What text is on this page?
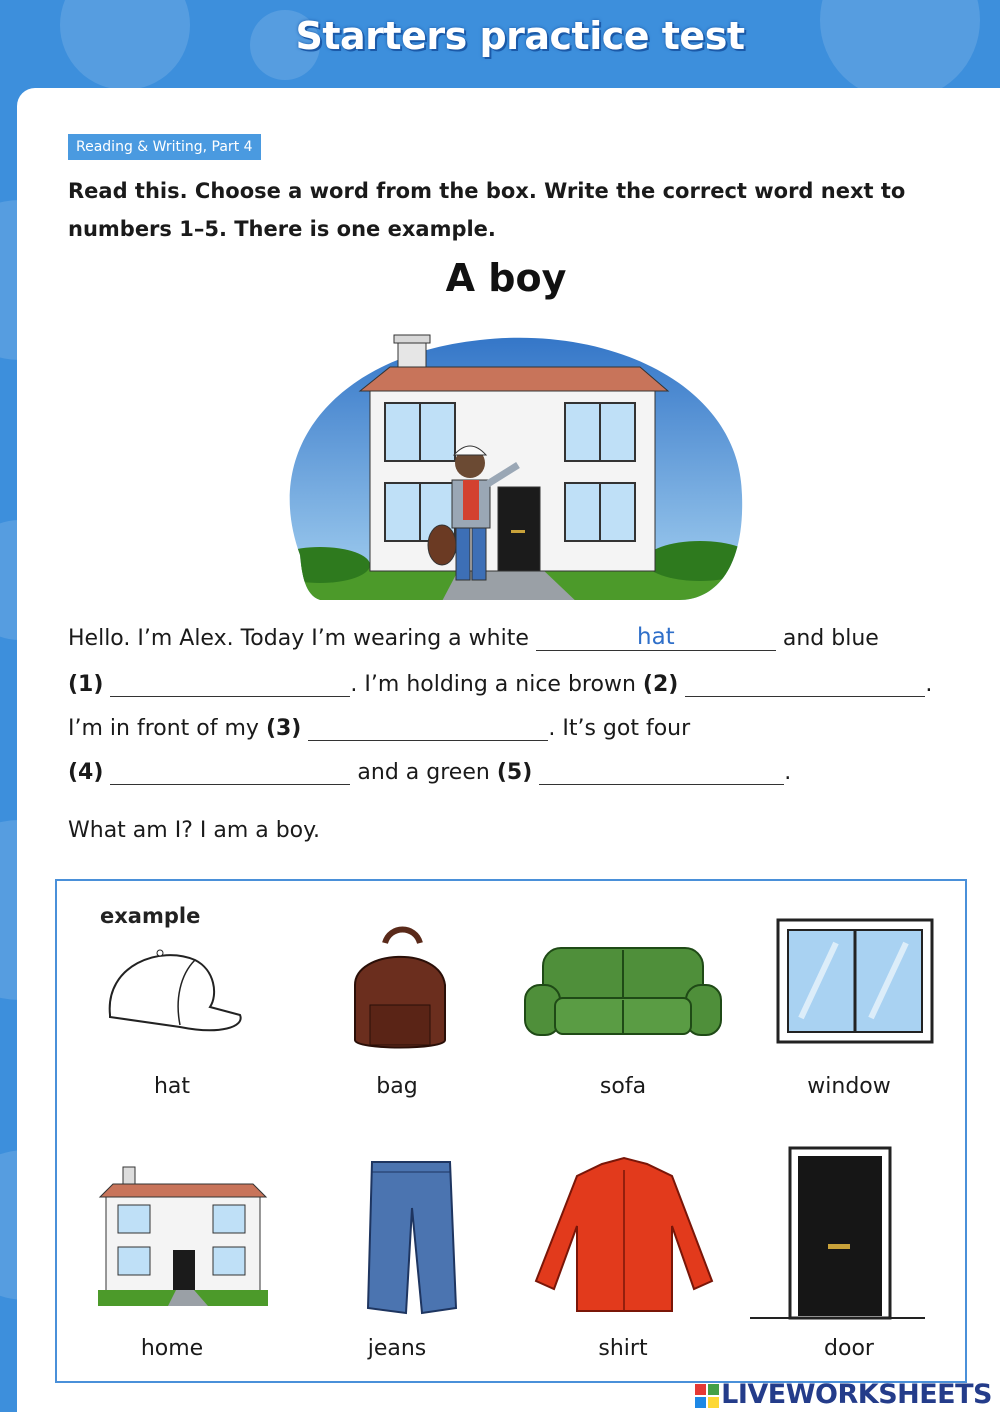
Starters practice test
Reading & Writing, Part 4
Read this. Choose a word from the box. Write the correct word next to numbers 1–5. There is one example.
A boy
Hello. I’m Alex. Today I’m wearing a white	hat	and blue
(1)	. I’m holding a nice brown (2)	.
I’m in front of my (3)	. It’s got four
(4)	and a green (5)	.
What am I? I am a boy.
example
hat	bag	sofa	window
home	jeans	shirt	door
LIVEWORKSHEETS
